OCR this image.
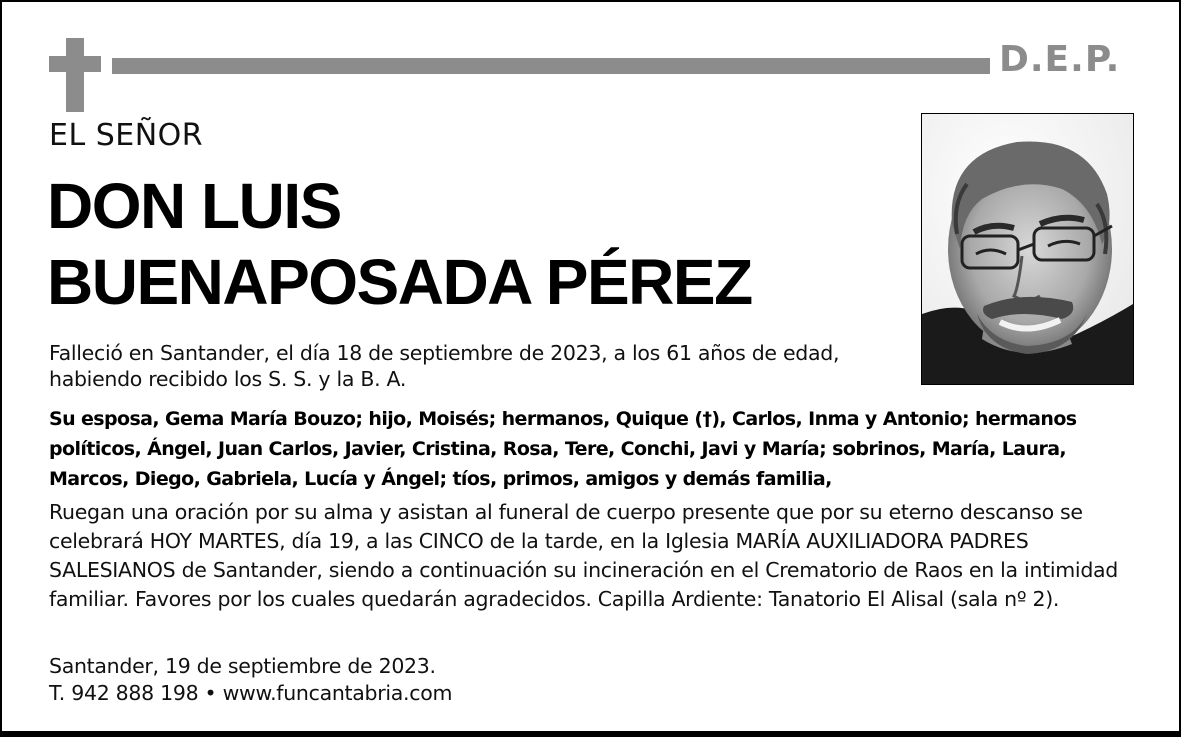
D.E.P.
EL SEÑOR
DON LUIS
BUENAPOSADA PÉREZ
Falleció en Santander, el día 18 de septiembre de 2023, a los 61 años de edad,
habiendo recibido los S. S. y la B. A.
Su esposa, Gema María Bouzo; hijo, Moisés; hermanos, Quique (†), Carlos, Inma y Antonio; hermanos políticos, Ángel, Juan Carlos, Javier, Cristina, Rosa, Tere, Conchi, Javi y María; sobrinos, María, Laura, Marcos, Diego, Gabriela, Lucía y Ángel; tíos, primos, amigos y demás familia,
Ruegan una oración por su alma y asistan al funeral de cuerpo presente que por su eterno descanso se celebrará HOY MARTES, día 19, a las CINCO de la tarde, en la Iglesia MARÍA AUXILIADORA PADRES SALESIANOS de Santander, siendo a continuación su incineración en el Crematorio de Raos en la intimidad familiar. Favores por los cuales quedarán agradecidos. Capilla Ardiente: Tanatorio El Alisal (sala nº 2).
Santander, 19 de septiembre de 2023.
T. 942 888 198 • www.funcantabria.com
